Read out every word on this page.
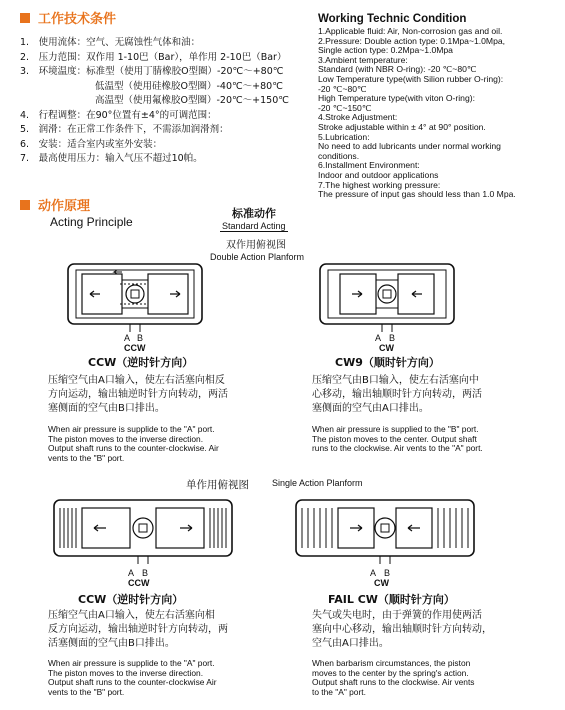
工作技术条件
1.　使用流体：空气、无腐蚀性气体和油：
2.　压力范围：双作用 1-10巴（Bar），单作用 2-10巴（Bar）
3.　环境温度：标准型（使用丁腈橡胶O型圈）-20℃～+80℃
低温型（使用硅橡胶O型圈）-40℃～+80℃
高温型（使用氟橡胶O型圈）-20℃～+150℃
4.　行程调整：在90°位置有±4°的可调范围：
5.　润滑：在正常工作条件下，不需添加润滑剂：
6.　安装：适合室内或室外安装：
7.　最高使用压力：输入气压不超过10帕。
Working Technic Condition
1.Applicable fluid: Air, Non-corrosion gas and oil.
2.Pressure: Double action type: 0.1Mpa~1.0Mpa,
Single action type: 0.2Mpa~1.0Mpa
3.Ambient temperature:
Standard (with NBR O-ring): -20 ℃~80℃
Low Temperature type(with Silion rubber O-ring):
-20 ℃~80℃
High Temperature type(with viton O-ring):
-20 ℃~150℃
4.Stroke Adjustment:
Stroke adjustable within ± 4° at 90° position.
5.Lubrication:
No need to add lubricants under normal working
conditions.
6.Installment Environment:
Indoor and outdoor applications
7.The highest working pressure:
The pressure of input gas should less than 1.0 Mpa.
动作原理
Acting Principle
标准动作
Standard Acting
双作用俯视图
Double Action Planform
A B
CCW
A B
CW
CCW（逆时针方向）
压缩空气由A口输入，使左右活塞向相反
方向运动，输出轴逆时针方向转动，两活
塞侧面的空气由B口排出。
When air pressure is supplide to the "A" port.
The piston moves to the inverse direction.
Output shaft runs to the counter-clockwise. Air
vents to the "B" port.
CW9（顺时针方向）
压缩空气由B口输入，使左右活塞向中
心移动，输出轴顺时针方向转动，两活
塞侧面的空气由A口排出。
When air pressure is supplied to the "B" port.
The piston moves to the center. Output shaft
runs to the clockwise. Air vents to the "A" port.
单作用俯视图	Single Action Planform
A B
CCW
A B
CW
CCW（逆时针方向）
压缩空气由A口输入，使左右活塞向相
反方向运动，输出轴逆时针方向转动，两
活塞侧面的空气由B口排出。
When air pressure is supplide to the "A" port.
The piston moves to the inverse direction.
Output shaft runs to the counter-clockwise Air
vents to the "B" port.
FAIL CW（顺时针方向）
失气或失电时，由于弹簧的作用使两活
塞向中心移动，输出轴顺时针方向转动，
空气由A口排出。
When barbarism circumstances, the piston
moves to the center by the spring's action.
Output shaft runs to the clockwise. Air vents
to the "A" port.
